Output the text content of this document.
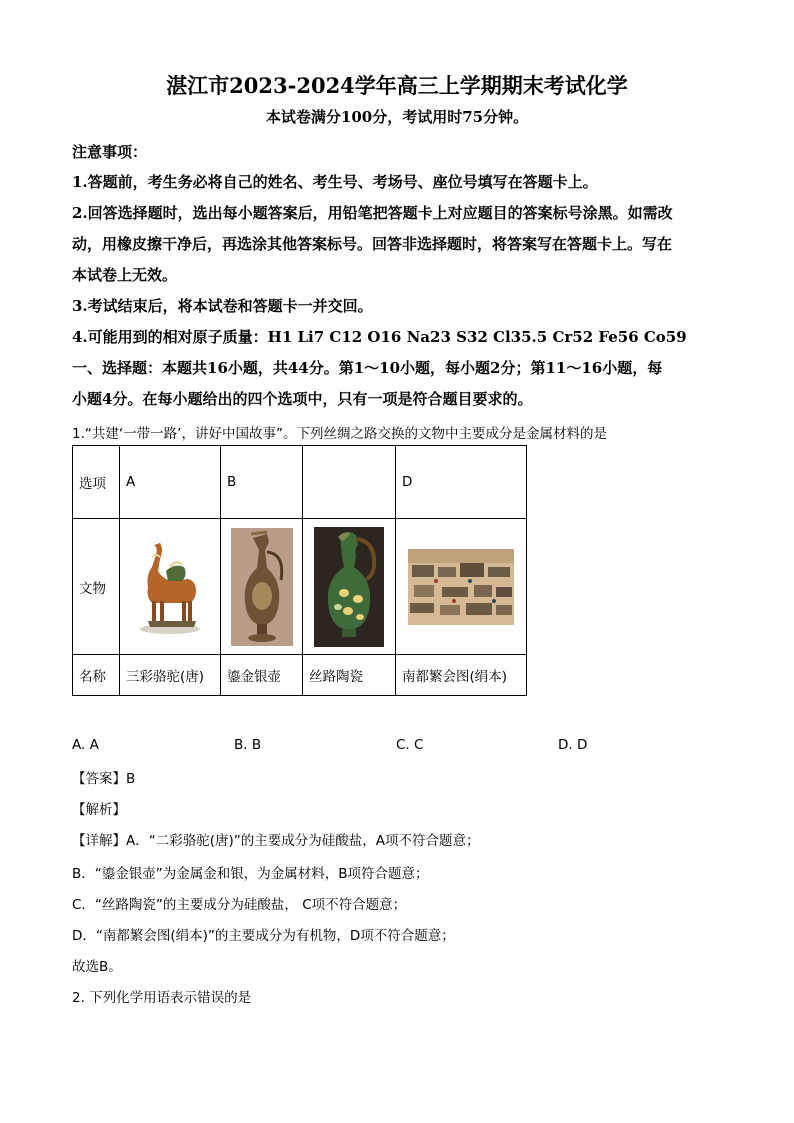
湛江市2023-2024学年高三上学期期末考试化学
本试卷满分100分，考试用时75分钟。
注意事项：
1.答题前，考生务必将自己的姓名、考生号、考场号、座位号填写在答题卡上。
2.回答选择题时，选出每小题答案后，用铅笔把答题卡上对应题目的答案标号涂黑。如需改
动，用橡皮擦干净后，再选涂其他答案标号。回答非选择题时，将答案写在答题卡上。写在
本试卷上无效。
3.考试结束后，将本试卷和答题卡一并交回。
4.可能用到的相对原子质量：H1 Li7 C12 O16 Na23 S32 Cl35.5 Cr52 Fe56 Co59
一、选择题：本题共16小题，共44分。第1～10小题，每小题2分；第11～16小题，每
小题4分。在每小题给出的四个选项中，只有一项是符合题目要求的。
1.“共建‘一带一路’，讲好中国故事”。下列丝绸之路交换的文物中主要成分是金属材料的是
选项	A	B		D
文物	

名称	三彩骆驼(唐)	鎏金银壶	丝路陶瓷	南都繁会图(绢本)
A. A	B. B	C. C	D. D
【答案】B
【解析】
【详解】A．“二彩骆驼(唐)”的主要成分为硅酸盐，A项不符合题意；
B．“鎏金银壶”为金属金和银，为金属材料，B项符合题意；
C．“丝路陶瓷”的主要成分为硅酸盐， C项不符合题意；
D．“南都繁会图(绢本)”的主要成分为有机物，D项不符合题意；
故选B。
2. 下列化学用语表示错误的是
